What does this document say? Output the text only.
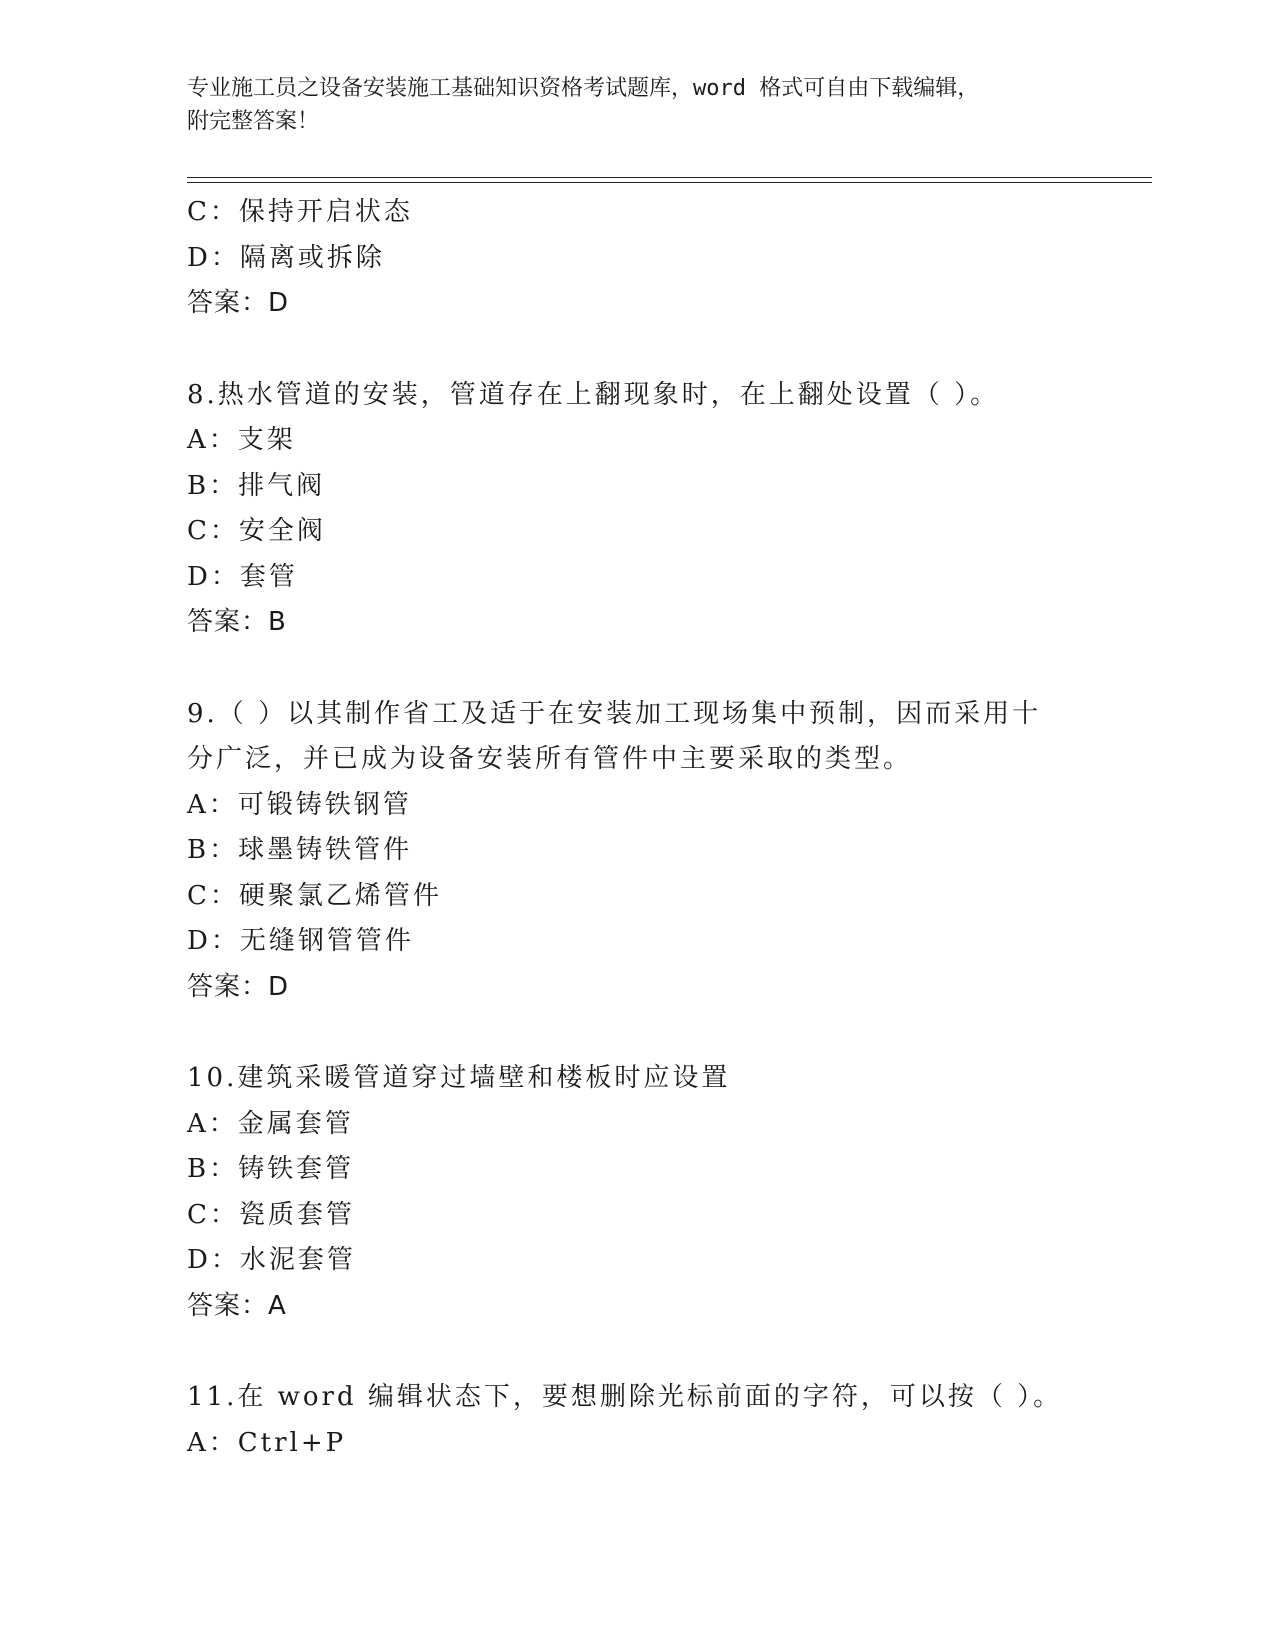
专业施工员之设备安装施工基础知识资格考试题库，word 格式可自由下载编辑，
附完整答案！
C：保持开启状态
D：隔离或拆除
答案：D
8.热水管道的安装，管道存在上翻现象时，在上翻处设置（ ）。
A：支架
B：排气阀
C：安全阀
D：套管
答案：B
9.（ ）以其制作省工及适于在安装加工现场集中预制，因而采用十分广泛，并已成为设备安装所有管件中主要采取的类型。
A：可锻铸铁钢管
B：球墨铸铁管件
C：硬聚氯乙烯管件
D：无缝钢管管件
答案：D
10.建筑采暖管道穿过墙壁和楼板时应设置
A：金属套管
B：铸铁套管
C：瓷质套管
D：水泥套管
答案：A
11.在 word 编辑状态下，要想删除光标前面的字符，可以按（ ）。
A：Ctrl+P
